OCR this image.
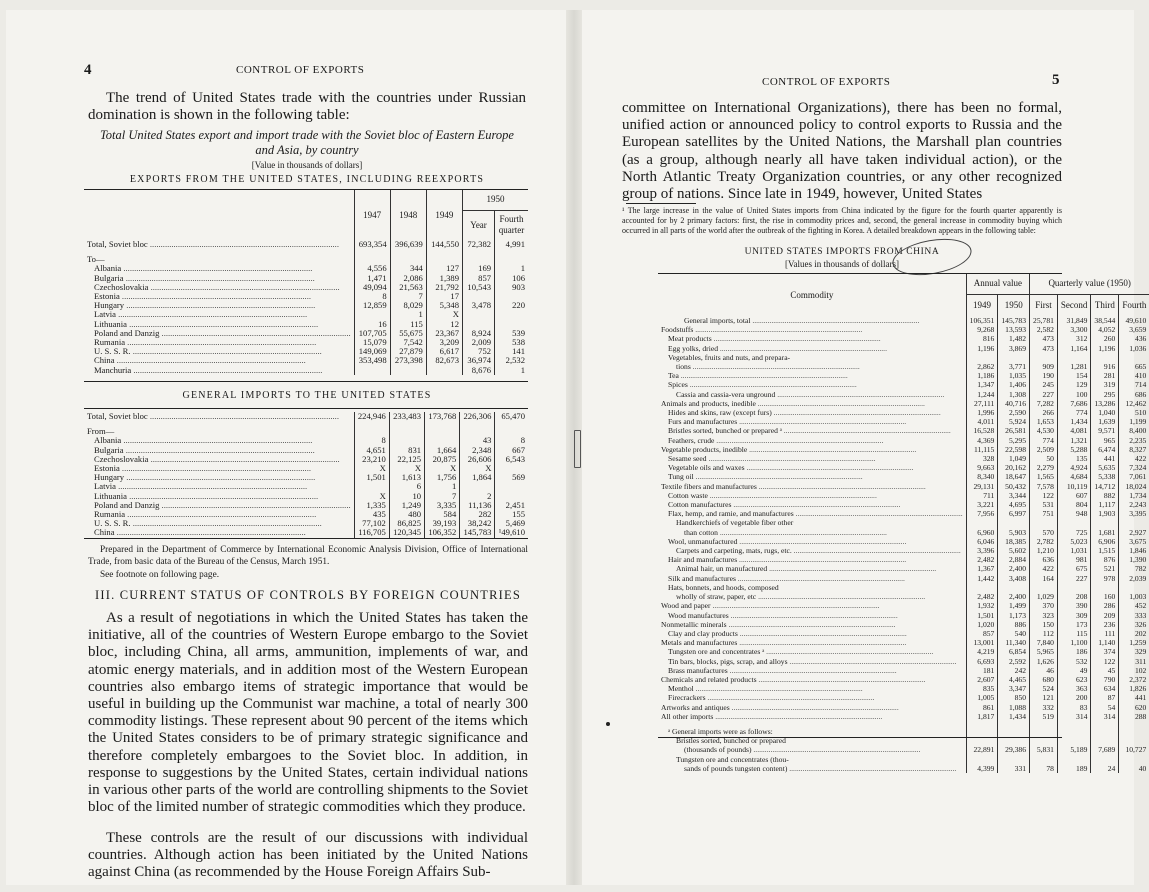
4	CONTROL OF EXPORTS
The trend of United States trade with the countries under Russian domination is shown in the following table:
Total United States export and import trade with the Soviet bloc of Eastern Europe and Asia, by country
[Value in thousands of dollars]
EXPORTS FROM THE UNITED STATES, INCLUDING REEXPORTS
	1947	1948	1949	1950	
				Year	Fourth quarter
Total, Soviet bloc .....	693,354	396,639	144,550	72,382	4,991

To—					
Albania .....	4,556	344	127	169	1
Bulgaria .....	1,471	2,086	1,389	857	106
Czechoslovakia .....	49,094	21,563	21,792	10,543	903
Estonia .....	8	7	17		
Hungary .....	12,859	8,029	5,348	3,478	220
Latvia .....		1	X		
Lithuania .....	16	115	12		
Poland and Danzig .....	107,705	55,675	23,367	8,924	539
Rumania .....	15,079	7,542	3,209	2,009	538
U. S. S. R. .....	149,069	27,879	6,617	752	141
China .....	353,498	273,398	82,673	36,974	2,532
Manchuria .....				8,676	1
GENERAL IMPORTS TO THE UNITED STATES
Total, Soviet bloc .....	224,946	233,483	173,768	226,306	65,470

From—					
Albania .....	8			43	8
Bulgaria .....	4,651	831	1,664	2,348	667
Czechoslovakia .....	23,210	22,125	20,875	26,606	6,543
Estonia .....	X	X	X	X	
Hungary .....	1,501	1,613	1,756	1,864	569
Latvia .....		6	1		
Lithuania .....	X	10	7	2	
Poland and Danzig .....	1,335	1,249	3,335	11,136	2,451
Rumania .....	435	480	584	282	155
U. S. S. R. .....	77,102	86,825	39,193	38,242	5,469
China .....	116,705	120,345	106,352	145,783	¹49,610
Prepared in the Department of Commerce by International Economic Analysis Division, Office of International Trade, from basic data of the Bureau of the Census, March 1951.
See footnote on following page.
III. CURRENT STATUS OF CONTROLS BY FOREIGN COUNTRIES
As a result of negotiations in which the United States has taken the initiative, all of the countries of Western Europe embargo to the Soviet bloc, including China, all arms, ammunition, implements of war, and atomic energy materials, and in addition most of the Western European countries also embargo items of strategic importance that would be useful in building up the Communist war machine, a total of nearly 300 commodity listings. These represent about 90 percent of the items which the United States considers to be of primary strategic significance and therefore completely embargoes to the Soviet bloc. In addition, in response to suggestions by the United States, certain individual nations in various other parts of the world are controlling shipments to the Soviet bloc of the limited number of strategic commodities which they produce.
These controls are the result of our discussions with individual countries. Although action has been initiated by the United Nations against China (as recommended by the House Foreign Affairs Sub-
CONTROL OF EXPORTS	5
committee on International Organizations), there has been no formal, unified action or announced policy to control exports to Russia and the European satellites by the United Nations, the Marshall plan countries (as a group, although nearly all have taken individual action), or the North Atlantic Treaty Organization countries, or any other recognized group of nations. Since late in 1949, however, United States
¹ The large increase in the value of United States imports from China indicated by the figure for the fourth quarter apparently is accounted for by 2 primary factors: first, the rise in commodity prices and, second, the general increase in commodity buying which occurred in all parts of the world after the outbreak of the fighting in Korea. A detailed breakdown appears in the following table:
UNITED STATES IMPORTS FROM CHINA
[Values in thousands of dollars]
Commodity	Annual value		Quarterly value (1950)			
	1949	1950	First	Second	Third	Fourth
General imports, total .....	106,351	145,783	25,781	31,849	38,544	49,610
Foodstuffs .....	9,268	13,593	2,582	3,300	4,052	3,659
Meat products .....	816	1,482	473	312	260	436
Egg yolks, dried .....	1,196	3,869	473	1,164	1,196	1,036
Vegetables, fruits and nuts, and prepara-						
tions .....	2,862	3,771	909	1,281	916	665
Tea .....	1,186	1,035	190	154	281	410
Spices .....	1,347	1,406	245	129	319	714
Cassia and cassia-vera unground .....	1,244	1,308	227	100	295	686
Animals and products, inedible .....	27,111	40,716	7,282	7,686	13,286	12,462
Hides and skins, raw (except furs) .....	1,996	2,590	266	774	1,040	510
Furs and manufactures .....	4,011	5,924	1,653	1,434	1,639	1,199
Bristles sorted, bunched or prepared ᵃ .....	16,528	26,581	4,530	4,081	9,571	8,400
Feathers, crude .....	4,369	5,295	774	1,321	965	2,235
Vegetable products, inedible .....	11,115	22,598	2,509	5,288	6,474	8,327
Sesame seed .....	328	1,049	50	135	441	422
Vegetable oils and waxes .....	9,663	20,162	2,279	4,924	5,635	7,324
Tung oil .....	8,340	18,647	1,565	4,684	5,338	7,061
Textile fibers and manufactures .....	29,131	50,432	7,578	10,119	14,712	18,024
Cotton waste .....	711	3,344	122	607	882	1,734
Cotton manufactures .....	3,221	4,695	531	804	1,117	2,243
Flax, hemp, and ramie, and manufactures .....	7,956	6,997	751	948	1,903	3,395
Handkerchiefs of vegetable fiber other						
than cotton .....	6,960	5,903	570	725	1,681	2,927
Wool, unmanufactured .....	6,046	18,385	2,782	5,023	6,906	3,675
Carpets and carpeting, mats, rugs, etc. .....	3,396	5,602	1,210	1,031	1,515	1,846
Hair and manufactures .....	2,482	2,884	636	981	876	1,390
Animal hair, un manufactured .....	1,367	2,400	422	675	521	782
Silk and manufactures .....	1,442	3,408	164	227	978	2,039
Hats, bonnets, and hoods, composed						
wholly of straw, paper, etc .....	2,482	2,400	1,029	208	160	1,003
Wood and paper .....	1,932	1,499	370	390	286	452
Wood manufactures .....	1,501	1,173	323	309	209	333
Nonmetallic minerals .....	1,020	886	150	173	236	326
Clay and clay products .....	857	540	112	115	111	202
Metals and manufactures .....	13,001	11,340	7,840	1,100	1,140	1,259
Tungsten ore and concentrates ᵃ .....	4,219	6,854	5,965	186	374	329
Tin bars, blocks, pigs, scrap, and alloys .....	6,693	2,592	1,626	532	122	311
Brass manufactures .....	181	242	46	49	45	102
Chemicals and related products .....	2,607	4,465	680	623	790	2,372
Menthol .....	835	3,347	524	363	634	1,826
Firecrackers .....	1,005	850	121	200	87	441
Artworks and antiques .....	861	1,088	332	83	54	620
All other imports .....	1,817	1,434	519	314	314	288

ᵃ General imports were as follows:						
Bristles sorted, bunched or prepared						
(thousands of pounds) .....	22,891	29,386	5,831	5,189	7,689	10,727
Tungsten ore and concentrates (thou-						
sands of pounds tungsten content) .....	4,399	331	78	189	24	40
